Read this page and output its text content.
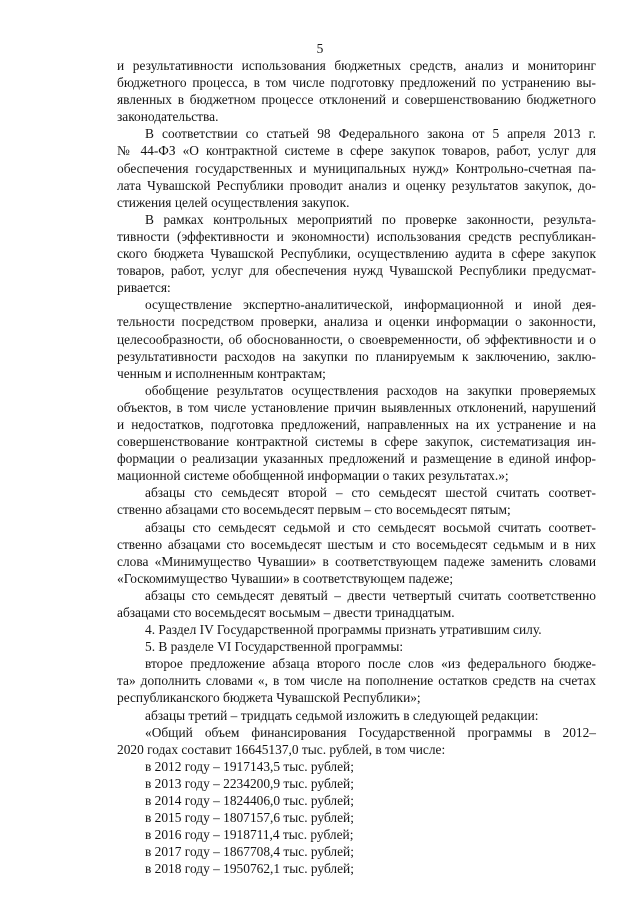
5
и результативности использования бюджетных средств, анализ и мониторинг
бюджетного процесса, в том числе подготовку предложений по устранению вы-
явленных в бюджетном процессе отклонений и совершенствованию бюджетного
законодательства.
В соответствии со статьей 98 Федерального закона от 5 апреля 2013 г.
№ 44-ФЗ «О контрактной системе в сфере закупок товаров, работ, услуг для
обеспечения государственных и муниципальных нужд» Контрольно-счетная па-
лата Чувашской Республики проводит анализ и оценку результатов закупок, до-
стижения целей осуществления закупок.
В рамках контрольных мероприятий по проверке законности, результа-
тивности (эффективности и экономности) использования средств республикан-
ского бюджета Чувашской Республики, осуществлению аудита в сфере закупок
товаров, работ, услуг для обеспечения нужд Чувашской Республики предусмат-
ривается:
осуществление экспертно-аналитической, информационной и иной дея-
тельности посредством проверки, анализа и оценки информации о законности,
целесообразности, об обоснованности, о своевременности, об эффективности и о
результативности расходов на закупки по планируемым к заключению, заклю-
ченным и исполненным контрактам;
обобщение результатов осуществления расходов на закупки проверяемых
объектов, в том числе установление причин выявленных отклонений, нарушений
и недостатков, подготовка предложений, направленных на их устранение и на
совершенствование контрактной системы в сфере закупок, систематизация ин-
формации о реализации указанных предложений и размещение в единой инфор-
мационной системе обобщенной информации о таких результатах.»;
абзацы сто семьдесят второй – сто семьдесят шестой считать соответ-
ственно абзацами сто восемьдесят первым – сто восемьдесят пятым;
абзацы сто семьдесят седьмой и сто семьдесят восьмой считать соответ-
ственно абзацами сто восемьдесят шестым и сто восемьдесят седьмым и в них
слова «Минимущество Чувашии» в соответствующем падеже заменить словами
«Госкомимущество Чувашии» в соответствующем падеже;
абзацы сто семьдесят девятый – двести четвертый считать соответственно
абзацами сто восемьдесят восьмым – двести тринадцатым.
4. Раздел IV Государственной программы признать утратившим силу.
5. В разделе VI Государственной программы:
второе предложение абзаца второго после слов «из федерального бюдже-
та» дополнить словами «, в том числе на пополнение остатков средств на счетах
республиканского бюджета Чувашской Республики»;
абзацы третий – тридцать седьмой изложить в следующей редакции:
«Общий объем финансирования Государственной программы в 2012–
2020 годах составит 16645137,0 тыс. рублей, в том числе:
в 2012 году – 1917143,5 тыс. рублей;
в 2013 году – 2234200,9 тыс. рублей;
в 2014 году – 1824406,0 тыс. рублей;
в 2015 году – 1807157,6 тыс. рублей;
в 2016 году – 1918711,4 тыс. рублей;
в 2017 году – 1867708,4 тыс. рублей;
в 2018 году – 1950762,1 тыс. рублей;
